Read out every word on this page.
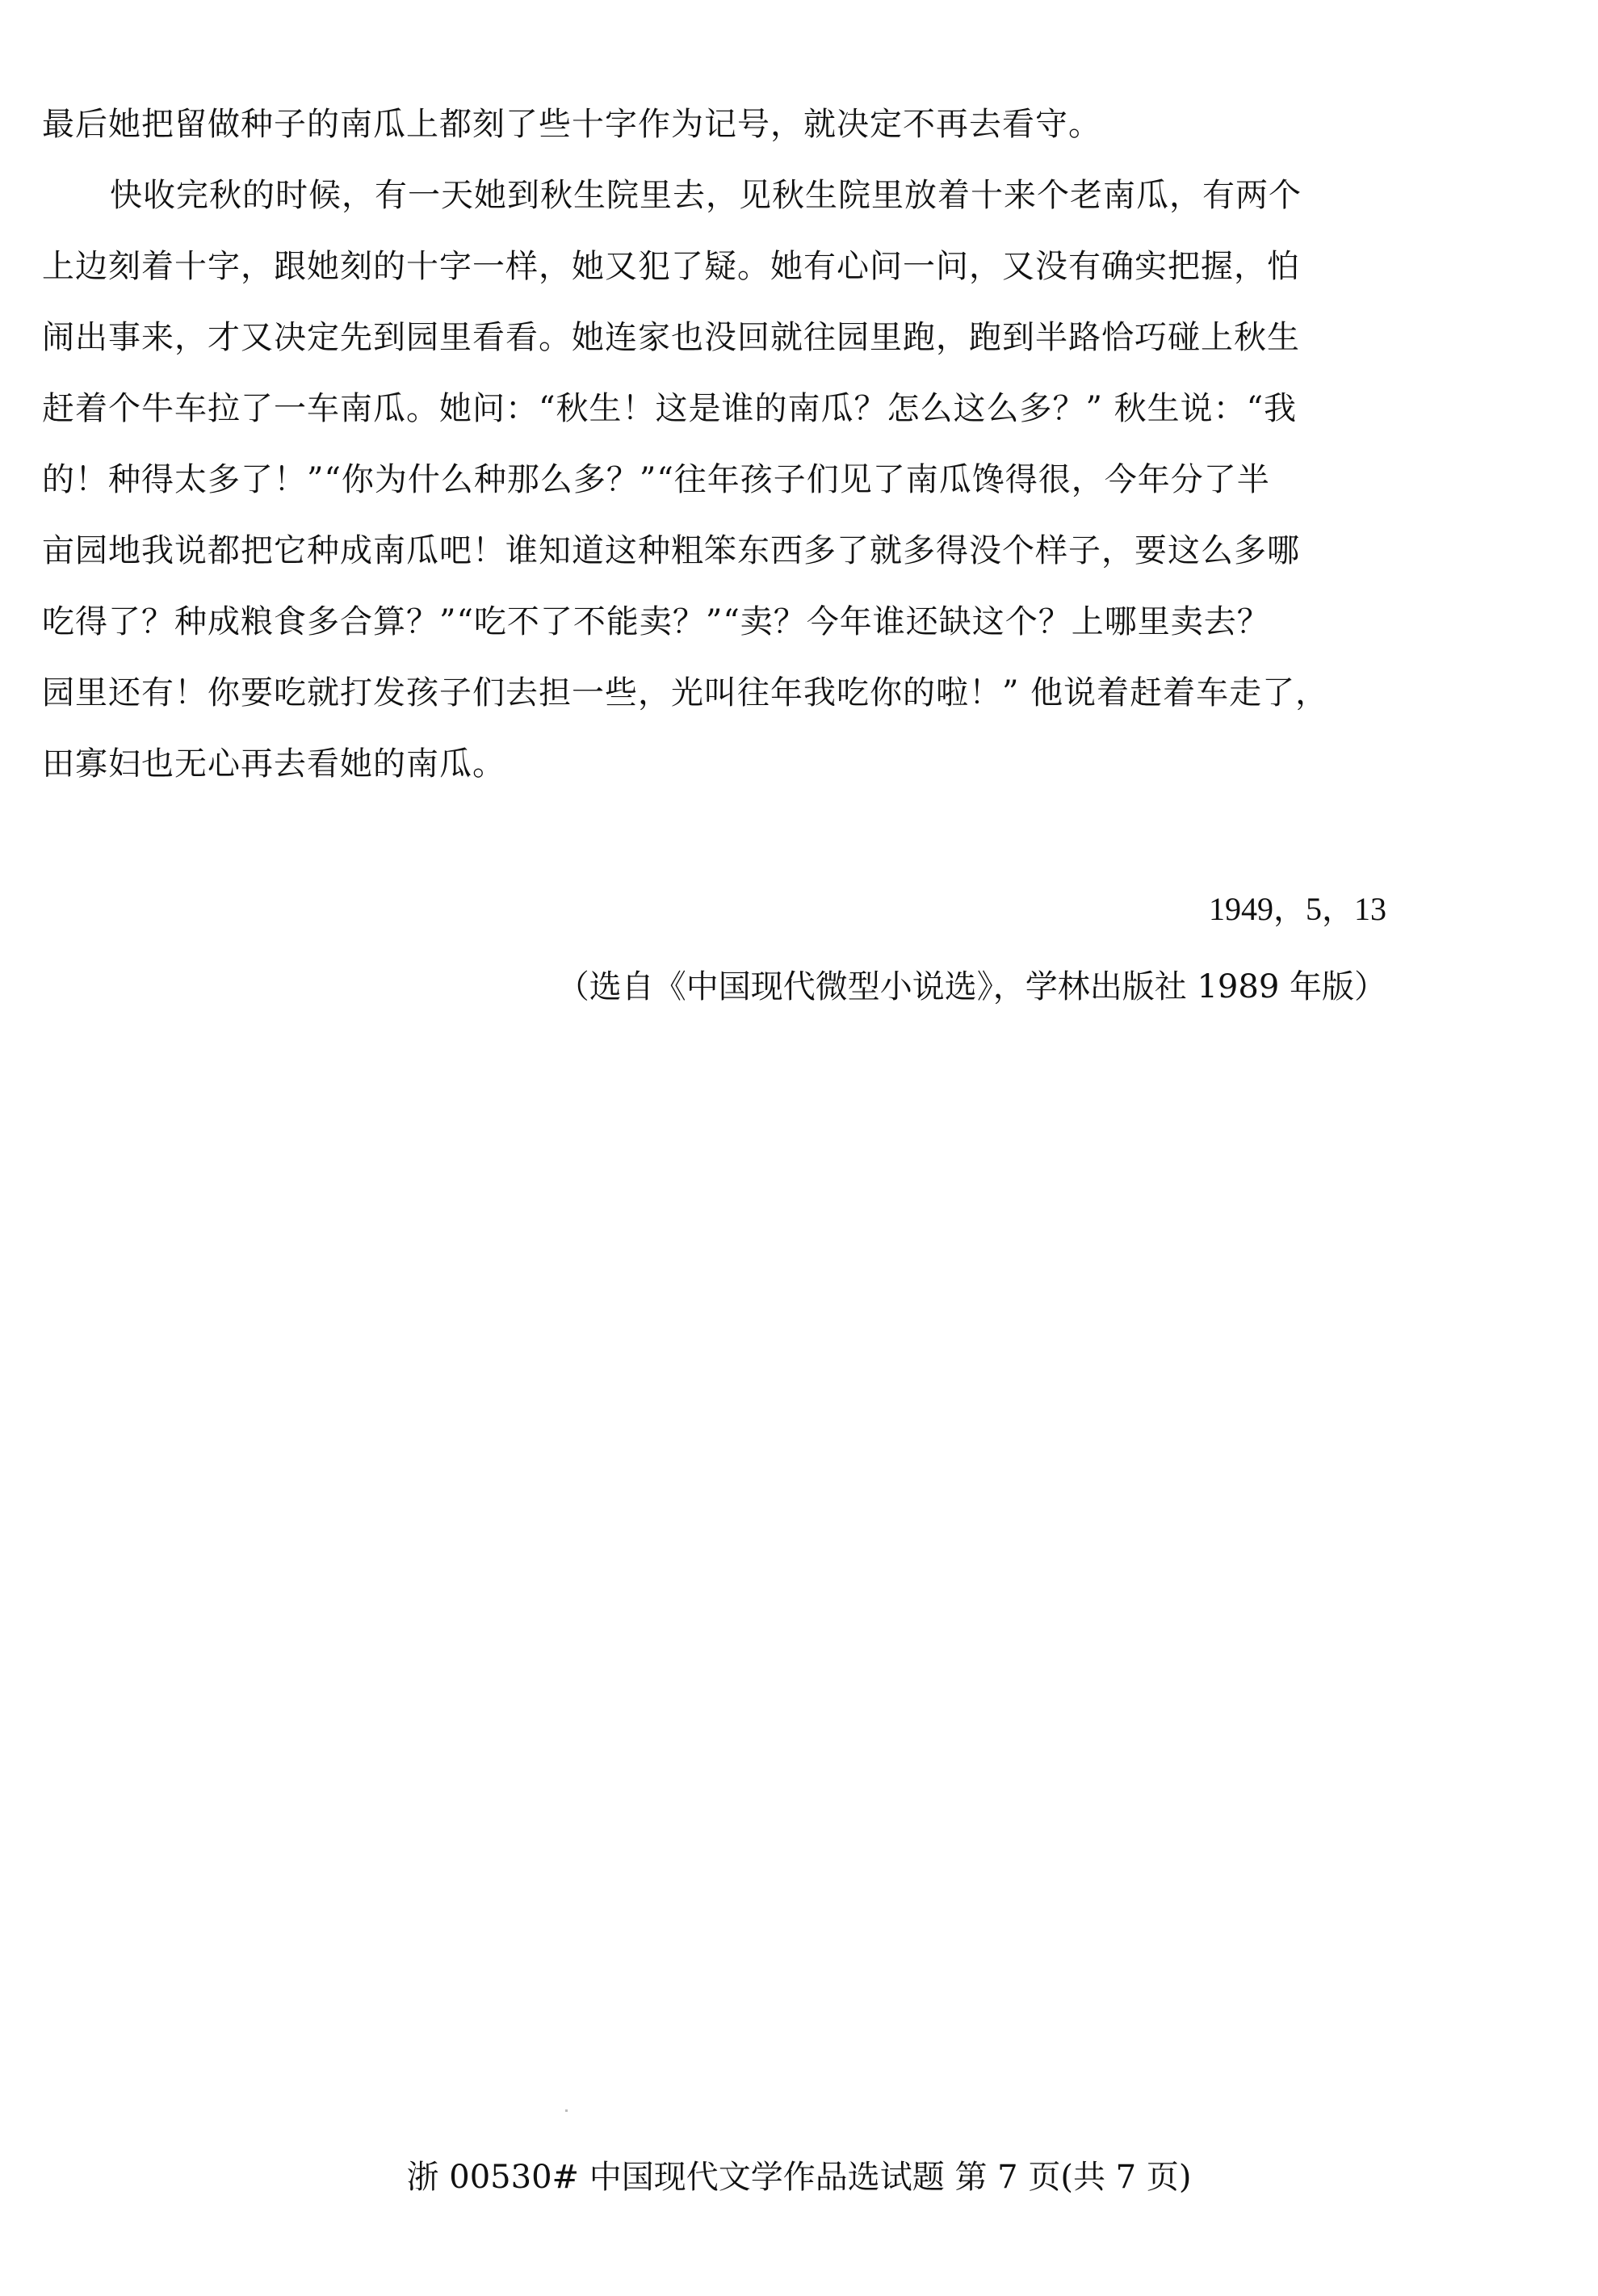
最后她把留做种子的南瓜上都刻了些十字作为记号，就决定不再去看守。
快收完秋的时候，有一天她到秋生院里去，见秋生院里放着十来个老南瓜，有两个
上边刻着十字，跟她刻的十字一样，她又犯了疑。她有心问一问，又没有确实把握，怕
闹出事来，才又决定先到园里看看。她连家也没回就往园里跑，跑到半路恰巧碰上秋生
赶着个牛车拉了一车南瓜。她问：“秋生！这是谁的南瓜？怎么这么多？” 秋生说：“我
的！种得太多了！”“你为什么种那么多？”“往年孩子们见了南瓜馋得很，今年分了半
亩园地我说都把它种成南瓜吧！谁知道这种粗笨东西多了就多得没个样子，要这么多哪
吃得了？种成粮食多合算？”“吃不了不能卖？”“卖？今年谁还缺这个？上哪里卖去？
园里还有！你要吃就打发孩子们去担一些，光叫往年我吃你的啦！” 他说着赶着车走了，
田寡妇也无心再去看她的南瓜。
1949，5，13
（选自《中国现代微型小说选》，学林出版社 1989 年版）
浙 00530# 中国现代文学作品选试题 第 7 页(共 7 页)
